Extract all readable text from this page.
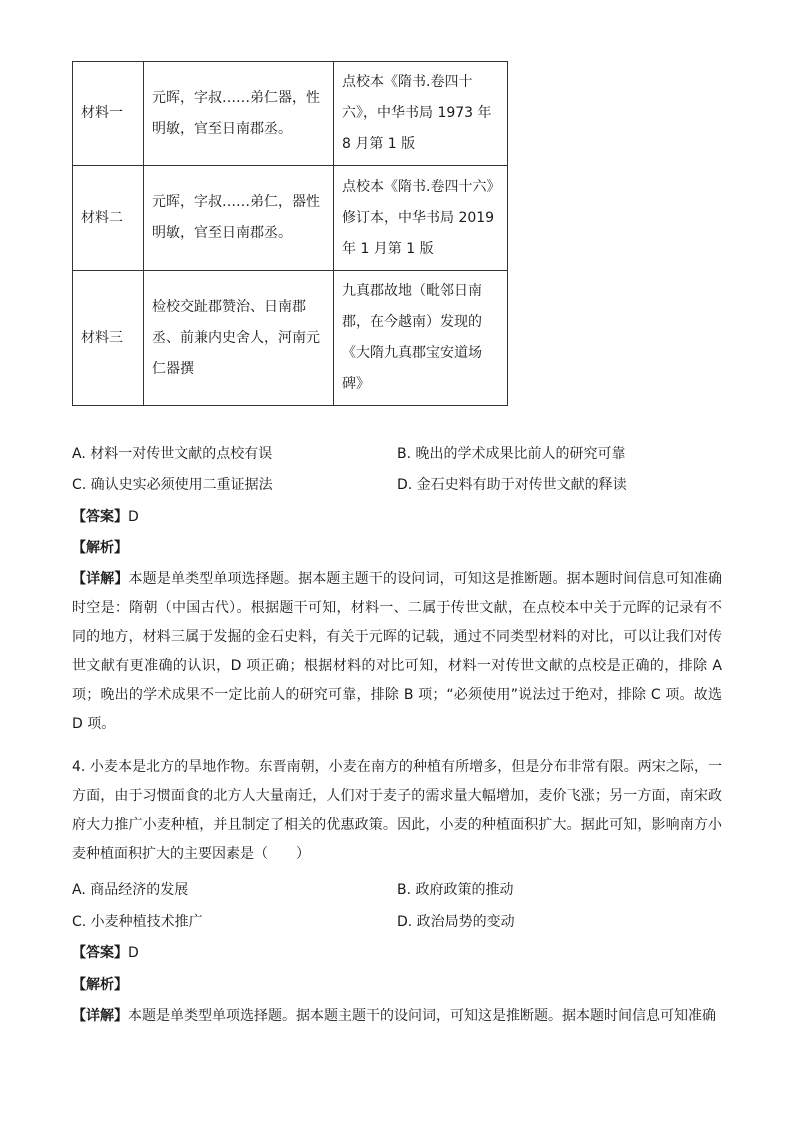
材料一	元晖，字叔……弟仁器，性明敏，官至日南郡丞。	点校本《隋书.卷四十六》，中华书局 1973 年 8 月第 1 版
材料二	元晖，字叔……弟仁，器性明敏，官至日南郡丞。	点校本《隋书.卷四十六》修订本，中华书局 2019 年 1 月第 1 版
材料三	检校交趾郡赞治、日南郡丞、前兼内史舍人，河南元仁器撰	九真郡故地（毗邻日南郡，在今越南）发现的《大隋九真郡宝安道场碑》
A. 材料一对传世文献的点校有误	B. 晚出的学术成果比前人的研究可靠
C. 确认史实必须使用二重证据法	D. 金石史料有助于对传世文献的释读
【答案】D
【解析】
【详解】本题是单类型单项选择题。据本题主题干的设问词，可知这是推断题。据本题时间信息可知准确时空是：隋朝（中国古代）。根据题干可知，材料一、二属于传世文献，在点校本中关于元晖的记录有不同的地方，材料三属于发掘的金石史料，有关于元晖的记载，通过不同类型材料的对比，可以让我们对传世文献有更准确的认识，D 项正确；根据材料的对比可知，材料一对传世文献的点校是正确的，排除 A 项；晚出的学术成果不一定比前人的研究可靠，排除 B 项；“必须使用”说法过于绝对，排除 C 项。故选 D 项。
4. 小麦本是北方的旱地作物。东晋南朝，小麦在南方的种植有所增多，但是分布非常有限。两宋之际，一方面，由于习惯面食的北方人大量南迁，人们对于麦子的需求量大幅增加，麦价飞涨；另一方面，南宋政府大力推广小麦种植，并且制定了相关的优惠政策。因此，小麦的种植面积扩大。据此可知，影响南方小麦种植面积扩大的主要因素是（　　）
A. 商品经济的发展	B. 政府政策的推动
C. 小麦种植技术推广	D. 政治局势的变动
【答案】D
【解析】
【详解】本题是单类型单项选择题。据本题主题干的设问词，可知这是推断题。据本题时间信息可知准确
